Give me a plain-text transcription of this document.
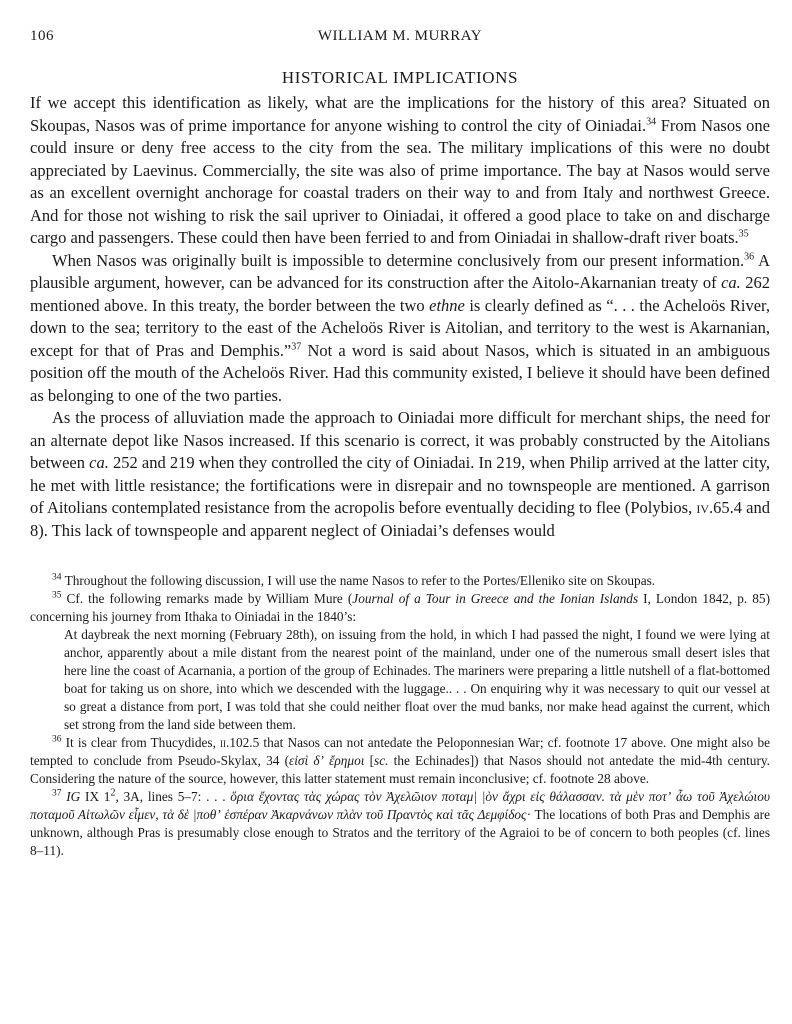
106	WILLIAM M. MURRAY
HISTORICAL IMPLICATIONS

If we accept this identification as likely, what are the implications for the history of this area? Situated on Skoupas, Nasos was of prime importance for anyone wishing to control the city of Oiniadai.$^{34}$ From Nasos one could insure or deny free access to the city from the sea. The military implications of this were no doubt appreciated by Laevinus. Commercially, the site was also of prime importance. The bay at Nasos would serve as an excellent overnight anchorage for coastal traders on their way to and from Italy and northwest Greece. And for those not wishing to risk the sail upriver to Oiniadai, it offered a good place to take on and discharge cargo and passengers. These could then have been ferried to and from Oiniadai in shallow-draft river boats.$^{35}$

When Nasos was originally built is impossible to determine conclusively from our present information.$^{36}$ A plausible argument, however, can be advanced for its construction after the Aitolo-Akarnanian treaty of ca. 262 mentioned above. In this treaty, the border between the two ethne is clearly defined as “. . . the Acheloös River, down to the sea; territory to the east of the Acheloös River is Aitolian, and territory to the west is Akarnanian, except for that of Pras and Demphis.”$^{37}$ Not a word is said about Nasos, which is situated in an ambiguous position off the mouth of the Acheloös River. Had this community existed, I believe it should have been defined as belonging to one of the two parties.

As the process of alluviation made the approach to Oiniadai more difficult for merchant ships, the need for an alternate depot like Nasos increased. If this scenario is correct, it was probably constructed by the Aitolians between ca. 252 and 219 when they controlled the city of Oiniadai. In 219, when Philip arrived at the latter city, he met with little resistance; the fortifications were in disrepair and no townspeople are mentioned. A garrison of Aitolians contemplated resistance from the acropolis before eventually deciding to flee (Polybios, iv.65.4 and 8). This lack of townspeople and apparent neglect of Oiniadai’s defenses would

$^{34}$ Throughout the following discussion, I will use the name Nasos to refer to the Portes/Elleniko site on Skoupas.

$^{35}$ Cf. the following remarks made by William Mure (Journal of a Tour in Greece and the Ionian Islands I, London 1842, p. 85) concerning his journey from Ithaka to Oiniadai in the 1840’s:

At daybreak the next morning (February 28th), on issuing from the hold, in which I had passed the night, I found we were lying at anchor, apparently about a mile distant from the nearest point of the mainland, under one of the numerous small desert isles that here line the coast of Acarnania, a portion of the group of Echinades. The mariners were preparing a little nutshell of a flat-bottomed boat for taking us on shore, into which we descended with the luggage.. . . On enquiring why it was necessary to quit our vessel at so great a distance from port, I was told that she could neither float over the mud banks, nor make head against the current, which set strong from the land side between them.

$^{36}$ It is clear from Thucydides, ii.102.5 that Nasos can not antedate the Peloponnesian War; cf. footnote 17 above. One might also be tempted to conclude from Pseudo-Skylax, 34 (εἰσὶ δʼ ἔρημοι [sc. the Echinades]) that Nasos should not antedate the mid-4th century. Considering the nature of the source, however, this latter statement must remain inconclusive; cf. footnote 28 above.

$^{37}$ IG IX $1^2$, 3A, lines 5–7: . . . ὅρια ἔχοντας τὰς χώρας τὸν Ἀχελῶιον ποταμ| |ὸν ἄχρι εἰς θάλασσαν. τὰ μὲν ποτʼ ἆω τοῦ Ἀχελώιου ποταμοῦ Αἰτωλῶν εἶμεν, τὰ δὲ |ποθʼ ἑσπέραν Ἀκαρνάνων πλὰν τοῦ Πραντὸς καὶ τᾶς Δεμφίδος· The locations of both Pras and Demphis are unknown, although Pras is presumably close enough to Stratos and the territory of the Agraioi to be of concern to both peoples (cf. lines 8–11).
